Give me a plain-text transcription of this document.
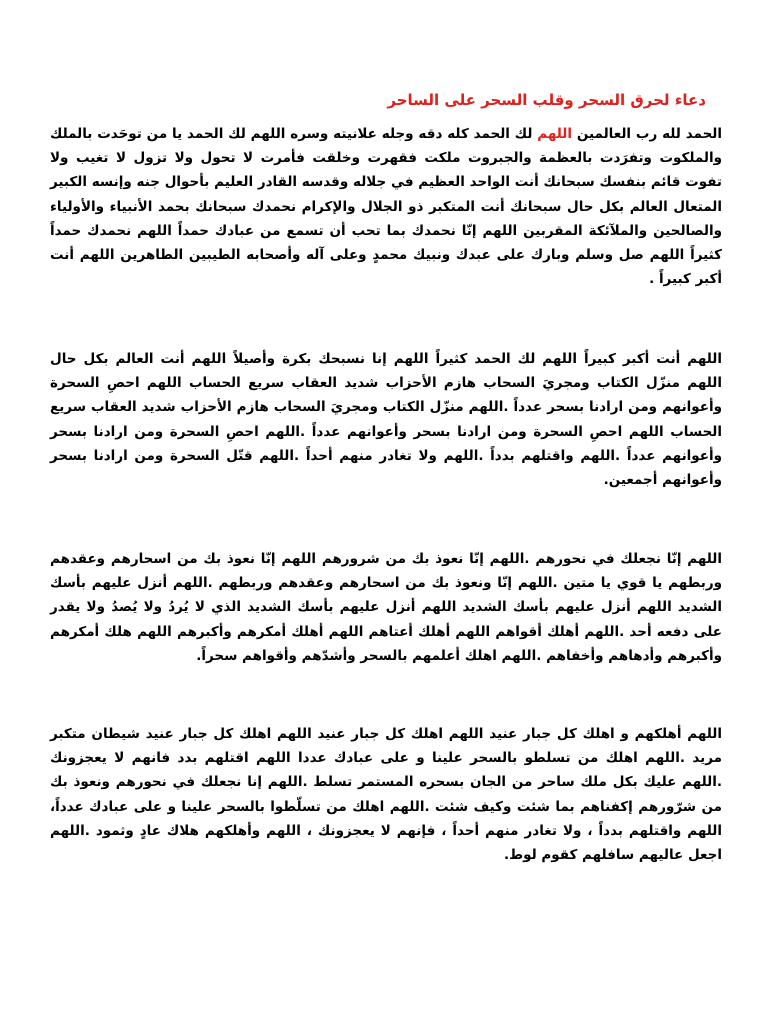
دعاء لحرق السحر وقلب السحر على الساحر

الحمد لله رب العالمين اللهم لك الحمد كله دقه وجله علانيته وسره اللهم لك الحمد يا من توحَدت بالملك والملكوت وتفرَدت بالعظمة والجبروت ملكت فقهرت وخلقت فأمرت لا تحول ولا تزول لا تغيب ولا تفوت قائم بنفسك سبحانك أنت الواحد العظيم في جلاله وقدسه القادر العليم بأحوال جنه وإنسه الكبير المتعال العالم بكل حال سبحانك أنت المتكبر ذو الجلال والإكرام نحمدك سبحانك بحمد الأنبياء والأولياء والصالحين والملآئكة المقربين اللهم إنّا نحمدك بما تحب أن تسمع من عبادك حمداً اللهم نحمدك حمداً كثيراً اللهم صل وسلم وبارك على عبدك ونبيك محمدٍ وعلى آله وأصحابه الطيبين الطاهرين اللهم أنت أكبر كبيراً .

اللهم أنت أكبر كبيراً اللهم لك الحمد كثيراً اللهم إنا نسبحك بكرة وأصيلاً اللهم أنت العالم بكل حال اللهم منزّل الكتاب ومجريَ السحاب هازم الأحزاب شديد العقاب سريع الحساب اللهم احصِ السحرة وأعوانهم ومن ارادنا بسحر عدداً .اللهم منزّل الكتاب ومجريَ السحاب هازم الأحزاب شديد العقاب سريع الحساب اللهم احصِ السحرة ومن ارادنا بسحر وأعوانهم عدداً .اللهم احصِ السحرة ومن ارادنا بسحر وأعوانهم عدداً .اللهم واقتلهم بدداً .اللهم ولا تغادر منهم أحداً .اللهم قتّل السحرة ومن ارادنا بسحر وأعوانهم أجمعين.

اللهم إنّا نجعلك في نحورهم .اللهم إنّا نعوذ بك من شرورهم اللهم إنّا نعوذ بك من اسحارهم وعقدهم وربطهم يا قوي يا متين .اللهم إنّا ونعوذ بك من اسحارهم وعقدهم وربطهم .اللهم أنزل عليهم بأسك الشديد اللهم أنزل عليهم بأسك الشديد اللهم أنزل عليهم بأسك الشديد الذي لا يُردُ ولا يُصدُ ولا يقدر على دفعه أحد .اللهم أهلك أقواهم اللهم أهلك أعتاهم اللهم أهلك أمكرهم وأكبرهم اللهم هلك أمكرهم وأكبرهم وأدهاهم وأخفاهم .اللهم اهلك أعلمهم بالسحر وأشدّهم وأقواهم سحراً.

اللهم أهلكهم و اهلك كل جبار عنيد اللهم اهلك كل جبار عنيد اللهم اهلك كل جبار عنيد شيطان متكبر مريد .اللهم اهلك من تسلطو بالسحر علينا و على عبادك عددا اللهم اقتلهم بدد فانهم لا يعجزونك .اللهم عليك بكل ملك ساحر من الجان بسحره المستمر تسلط .اللهم إنا نجعلك في نحورهم ونعوذ بك من شرّورهم إكفناهم بما شئت وكيف شئت .اللهم اهلك من تسلّطوا بالسحر علينا و على عبادك عدداً، اللهم واقتلهم بدداً ، ولا تغادر منهم أحداً ، فإنهم لا يعجزونك ، اللهم وأهلكهم هلاك عادٍ وثمود .اللهم اجعل عاليهم سافلهم كقوم لوط.
